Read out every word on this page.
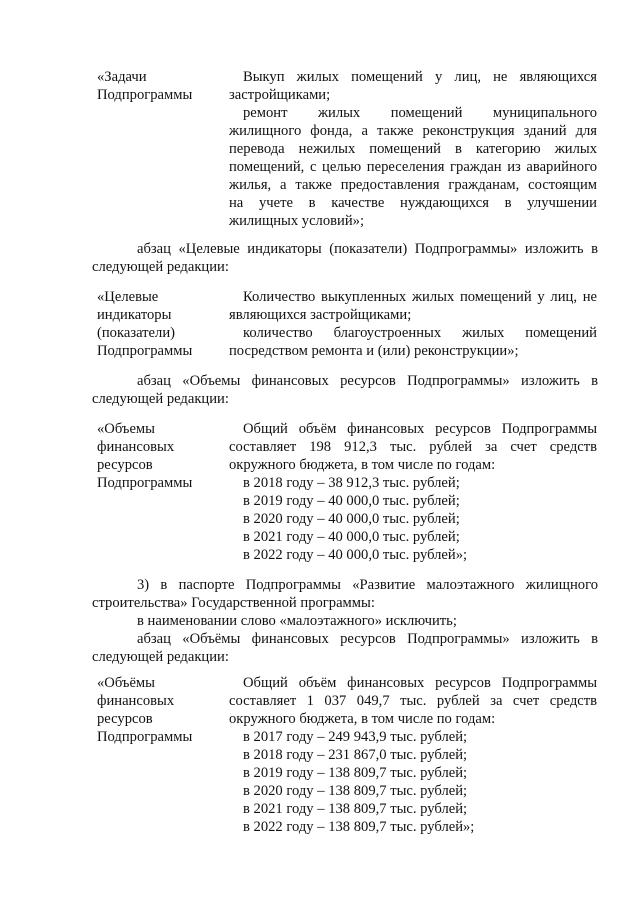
«Задачи
Подпрограммы
Выкуп жилых помещений у лиц, не являющихся
застройщиками;
ремонт жилых помещений муниципального
жилищного фонда, а также реконструкция зданий для
перевода нежилых помещений в категорию жилых
помещений, с целью переселения граждан из аварийного
жилья, а также предоставления гражданам, состоящим
на учете в качестве нуждающихся в улучшении
жилищных условий»;
абзац «Целевые индикаторы (показатели) Подпрограммы» изложить в
следующей редакции:
«Целевые
индикаторы
(показатели)
Подпрограммы
Количество выкупленных жилых помещений у лиц, не
являющихся застройщиками;
количество благоустроенных жилых помещений
посредством ремонта и (или) реконструкции»;
абзац «Объемы финансовых ресурсов Подпрограммы» изложить в
следующей редакции:
«Объемы
финансовых
ресурсов
Подпрограммы
Общий объём финансовых ресурсов Подпрограммы
составляет 198 912,3 тыс. рублей за счет средств
окружного бюджета, в том числе по годам:
в 2018 году – 38 912,3 тыс. рублей;
в 2019 году – 40 000,0 тыс. рублей;
в 2020 году – 40 000,0 тыс. рублей;
в 2021 году – 40 000,0 тыс. рублей;
в 2022 году – 40 000,0 тыс. рублей»;
3) в паспорте Подпрограммы «Развитие малоэтажного жилищного
строительства» Государственной программы:
в наименовании слово «малоэтажного» исключить;
абзац «Объёмы финансовых ресурсов Подпрограммы» изложить в
следующей редакции:
«Объёмы
финансовых
ресурсов
Подпрограммы
Общий объём финансовых ресурсов Подпрограммы
составляет 1 037 049,7 тыс. рублей за счет средств
окружного бюджета, в том числе по годам:
в 2017 году – 249 943,9 тыс. рублей;
в 2018 году – 231 867,0 тыс. рублей;
в 2019 году – 138 809,7 тыс. рублей;
в 2020 году – 138 809,7 тыс. рублей;
в 2021 году – 138 809,7 тыс. рублей;
в 2022 году – 138 809,7 тыс. рублей»;
